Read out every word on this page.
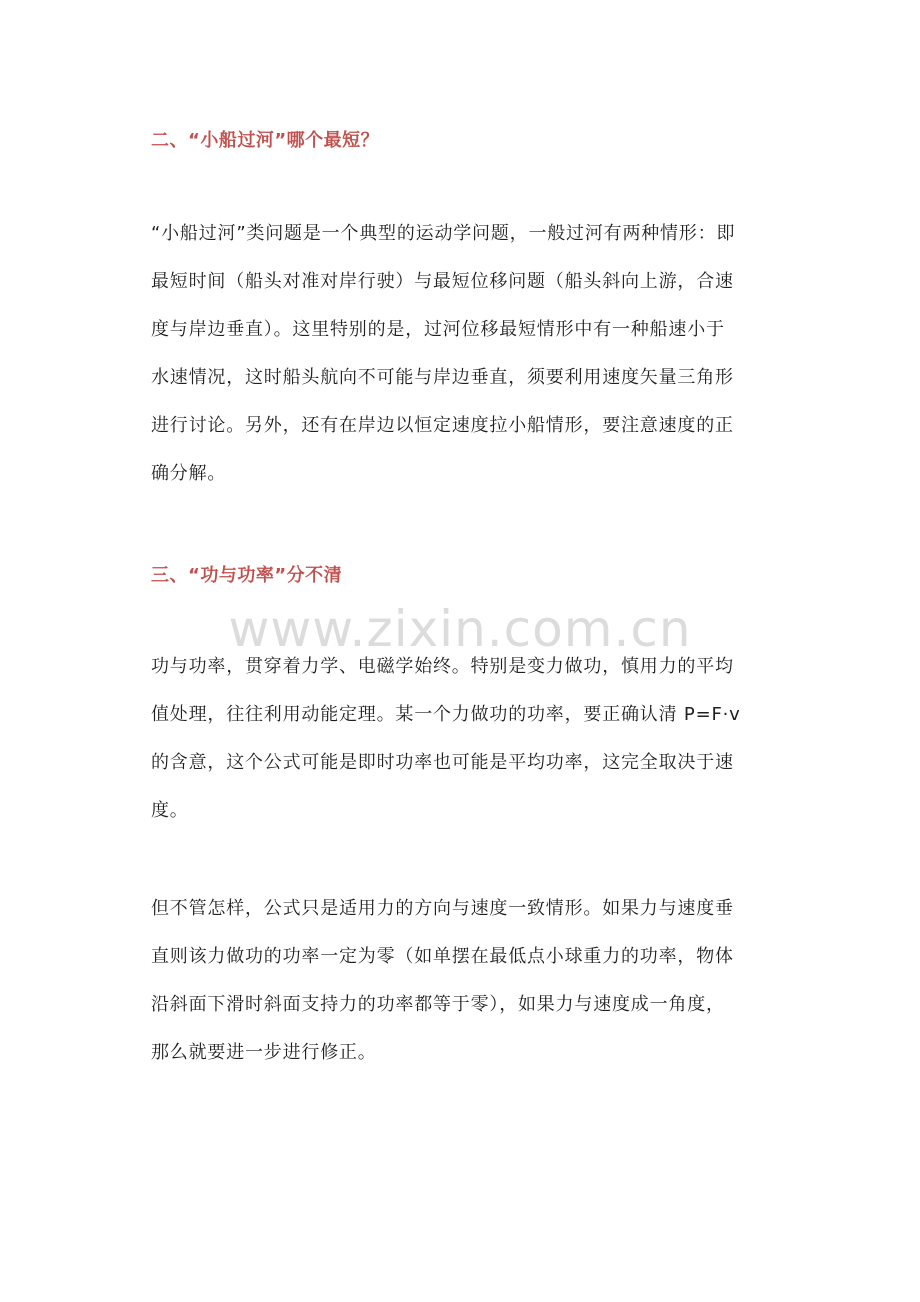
二、“小船过河”哪个最短？
“小船过河”类问题是一个典型的运动学问题，一般过河有两种情形：即
最短时间（船头对准对岸行驶）与最短位移问题（船头斜向上游，合速
度与岸边垂直）。这里特别的是，过河位移最短情形中有一种船速小于
水速情况，这时船头航向不可能与岸边垂直，须要利用速度矢量三角形
进行讨论。另外，还有在岸边以恒定速度拉小船情形，要注意速度的正
确分解。
三、“功与功率”分不清
www.zixin.com.cn
功与功率，贯穿着力学、电磁学始终。特别是变力做功，慎用力的平均
值处理，往往利用动能定理。某一个力做功的功率，要正确认清 P=F·v
的含意，这个公式可能是即时功率也可能是平均功率，这完全取决于速
度。
但不管怎样，公式只是适用力的方向与速度一致情形。如果力与速度垂
直则该力做功的功率一定为零（如单摆在最低点小球重力的功率，物体
沿斜面下滑时斜面支持力的功率都等于零），如果力与速度成一角度，
那么就要进一步进行修正。
